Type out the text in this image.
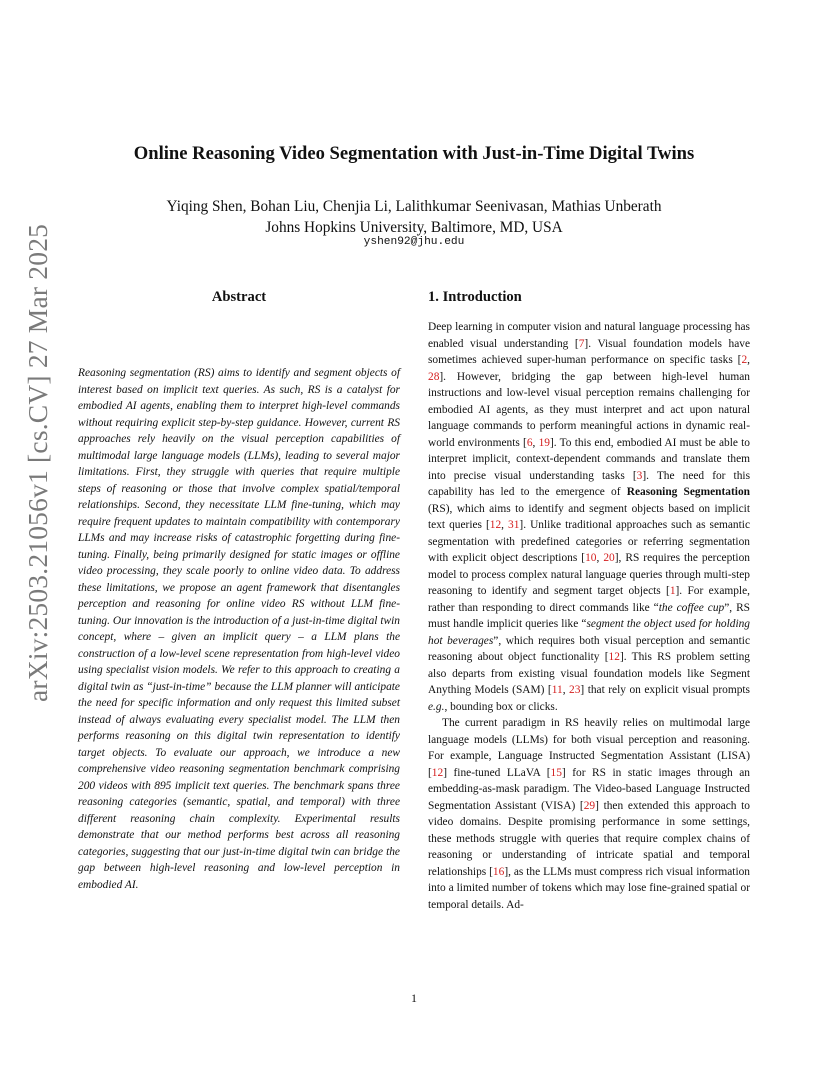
arXiv:2503.21056v1 [cs.CV] 27 Mar 2025
Online Reasoning Video Segmentation with Just-in-Time Digital Twins
Yiqing Shen, Bohan Liu, Chenjia Li, Lalithkumar Seenivasan, Mathias Unberath
Johns Hopkins University, Baltimore, MD, USA
yshen92@jhu.edu
Abstract

Reasoning segmentation (RS) aims to identify and segment objects of interest based on implicit text queries. As such, RS is a catalyst for embodied AI agents, enabling them to interpret high-level commands without requiring explicit step-by-step guidance. However, current RS approaches rely heavily on the visual perception capabilities of multimodal large language models (LLMs), leading to several major limitations. First, they struggle with queries that require multiple steps of reasoning or those that involve complex spatial/temporal relationships. Second, they necessitate LLM fine-tuning, which may require frequent updates to maintain compatibility with contemporary LLMs and may increase risks of catastrophic forgetting during fine-tuning. Finally, being primarily designed for static images or offline video processing, they scale poorly to online video data. To address these limitations, we propose an agent framework that disentangles perception and reasoning for online video RS without LLM fine-tuning. Our innovation is the introduction of a just-in-time digital twin concept, where – given an implicit query – a LLM plans the construction of a low-level scene representation from high-level video using specialist vision models. We refer to this approach to creating a digital twin as “just-in-time” because the LLM planner will anticipate the need for specific information and only request this limited subset instead of always evaluating every specialist model. The LLM then performs reasoning on this digital twin representation to identify target objects. To evaluate our approach, we introduce a new comprehensive video reasoning segmentation benchmark comprising 200 videos with 895 implicit text queries. The benchmark spans three reasoning categories (semantic, spatial, and temporal) with three different reasoning chain complexity. Experimental results demonstrate that our method performs best across all reasoning categories, suggesting that our just-in-time digital twin can bridge the gap between high-level reasoning and low-level perception in embodied AI.

1. Introduction

Deep learning in computer vision and natural language processing has enabled visual understanding [7]. Visual foundation models have sometimes achieved super-human performance on specific tasks [2, 28]. However, bridging the gap between high-level human instructions and low-level visual perception remains challenging for embodied AI agents, as they must interpret and act upon natural language commands to perform meaningful actions in dynamic real-world environments [6, 19]. To this end, embodied AI must be able to interpret implicit, context-dependent commands and translate them into precise visual understanding tasks [3]. The need for this capability has led to the emergence of Reasoning Segmentation (RS), which aims to identify and segment objects based on implicit text queries [12, 31]. Unlike traditional approaches such as semantic segmentation with predefined categories or referring segmentation with explicit object descriptions [10, 20], RS requires the perception model to process complex natural language queries through multi-step reasoning to identify and segment target objects [1]. For example, rather than responding to direct commands like “the coffee cup”, RS must handle implicit queries like “segment the object used for holding hot beverages”, which requires both visual perception and semantic reasoning about object functionality [12]. This RS problem setting also departs from existing visual foundation models like Segment Anything Models (SAM) [11, 23] that rely on explicit visual prompts e.g., bounding box or clicks.

The current paradigm in RS heavily relies on multimodal large language models (LLMs) for both visual perception and reasoning. For example, Language Instructed Segmentation Assistant (LISA) [12] fine-tuned LLaVA [15] for RS in static images through an embedding-as-mask paradigm. The Video-based Language Instructed Segmentation Assistant (VISA) [29] then extended this approach to video domains. Despite promising performance in some settings, these methods struggle with queries that require complex chains of reasoning or understanding of intricate spatial and temporal relationships [16], as the LLMs must compress rich visual information into a limited number of tokens which may lose fine-grained spatial or temporal details. Ad-

1
